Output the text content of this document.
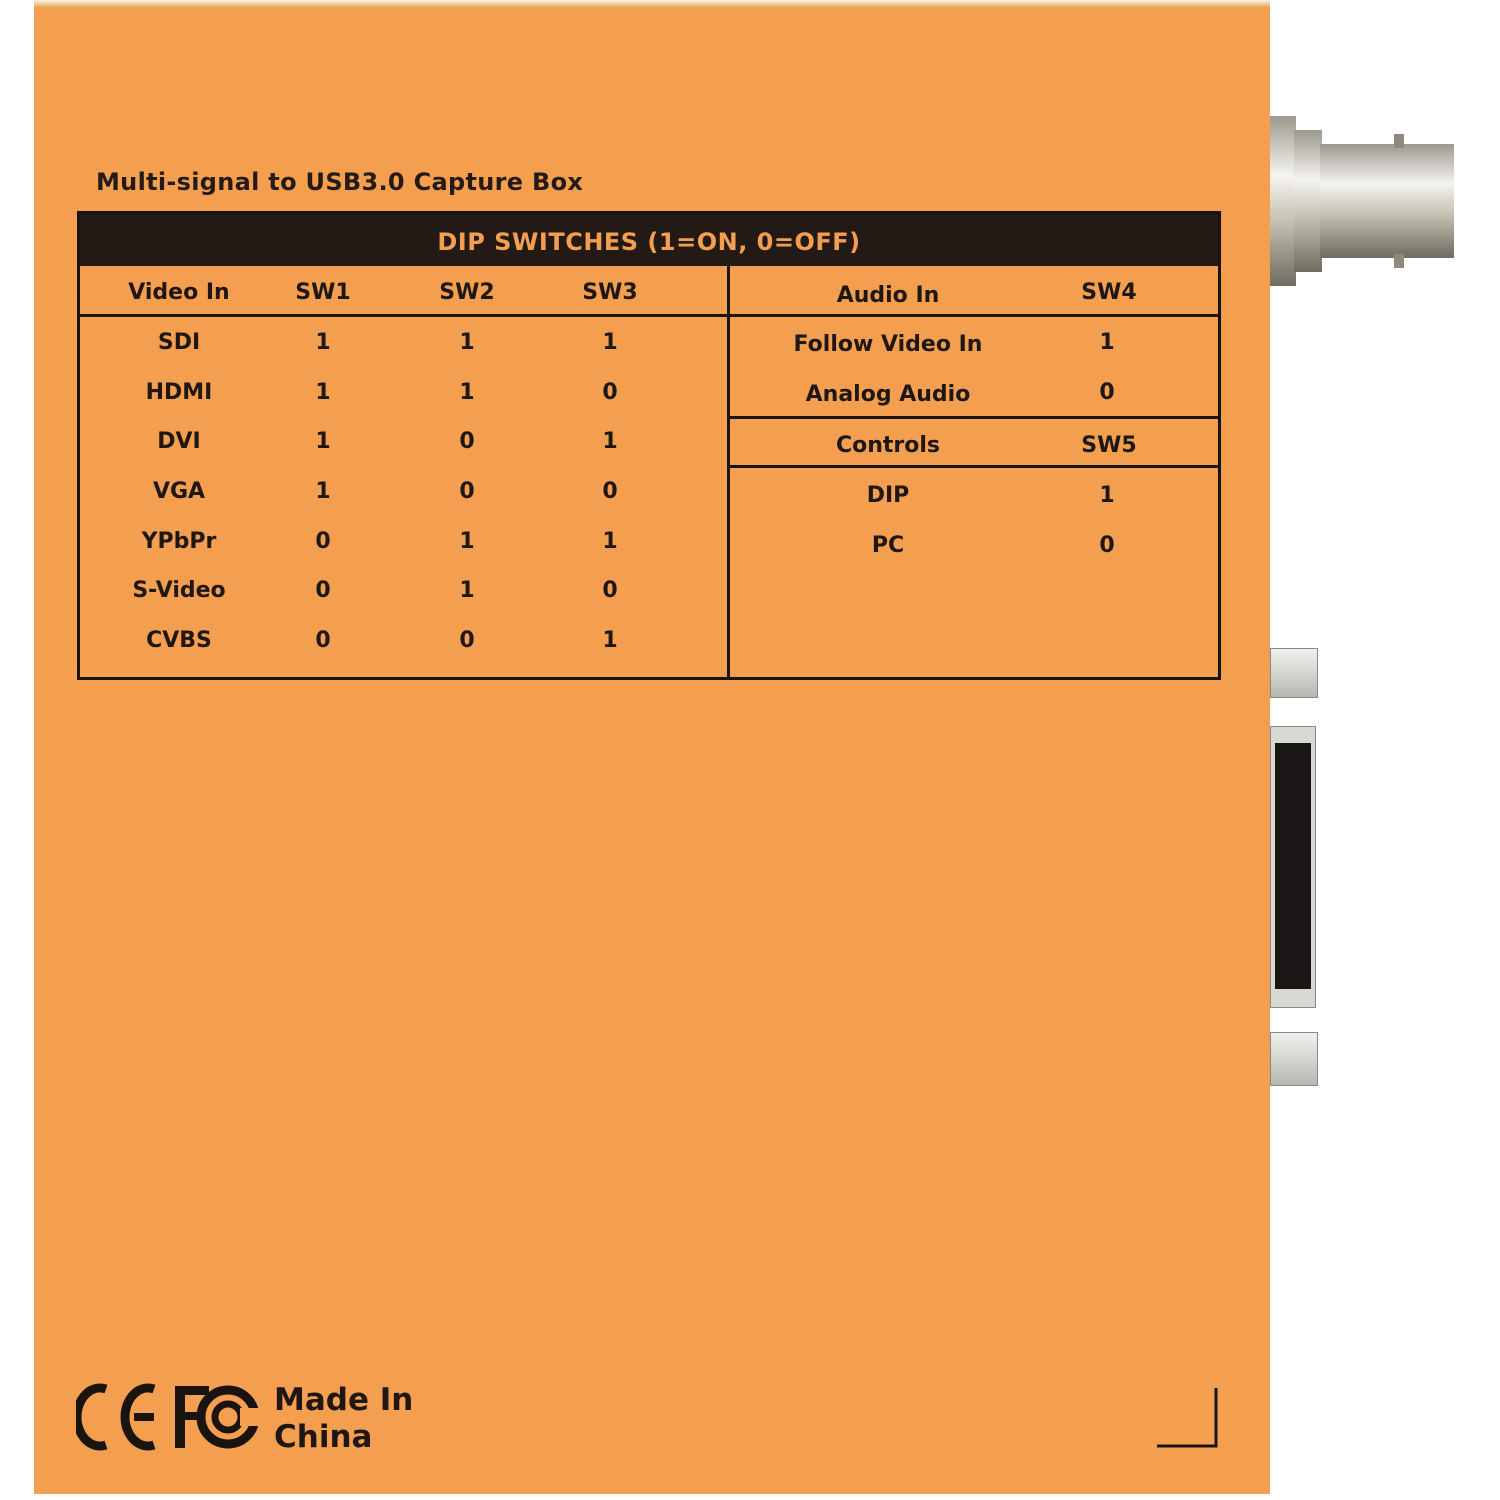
Multi-signal to USB3.0 Capture Box
DIP SWITCHES (1=ON, 0=OFF)
Video In	SW1	SW2	SW3
SDI	1	1	1
HDMI	1	1	0
DVI	1	0	1
VGA	1	0	0
YPbPr	0	1	1
S-Video	0	1	0
CVBS	0	0	1
Audio In	SW4
Follow Video In	1
Analog Audio	0
Controls	SW5
DIP	1
PC	0
Made In
China
